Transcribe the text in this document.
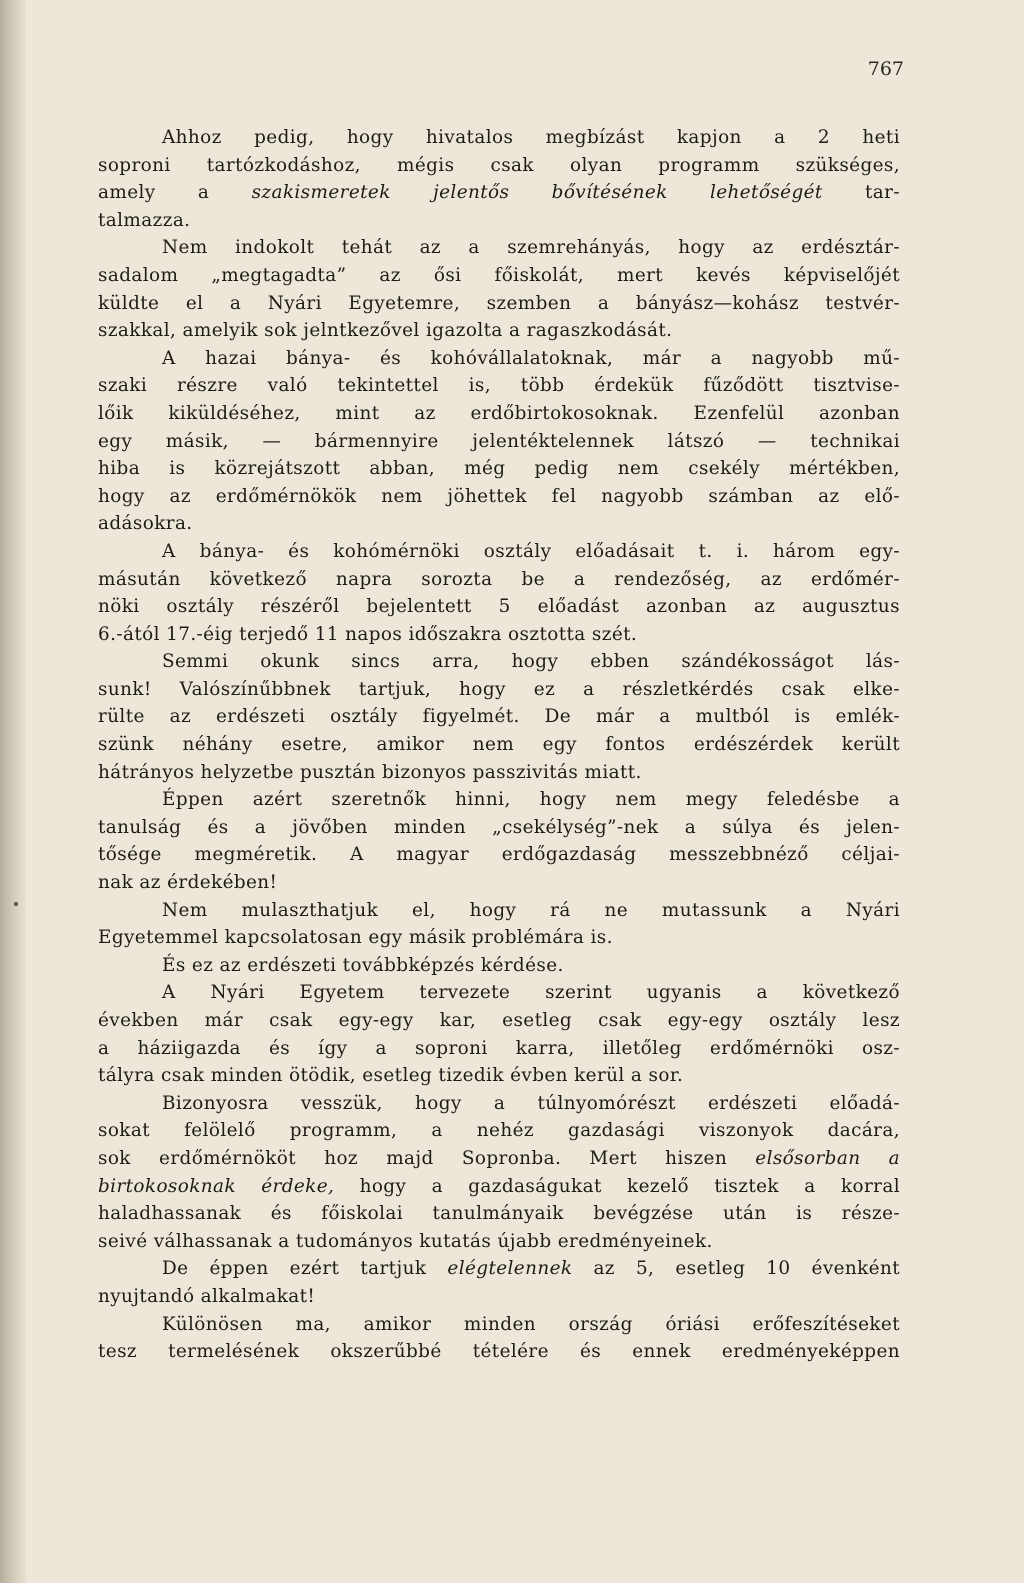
767
Ahhoz pedig, hogy hivatalos megbízást kapjon a 2 heti
soproni tartózkodáshoz, mégis csak olyan programm szükséges,
amely a szakismeretek jelentős bővítésének lehetőségét tar-
talmazza.
Nem indokolt tehát az a szemrehányás, hogy az erdésztár-
sadalom „megtagadta” az ősi főiskolát, mert kevés képviselőjét
küldte el a Nyári Egyetemre, szemben a bányász—kohász testvér-
szakkal, amelyik sok jelntkezővel igazolta a ragaszkodását.
A hazai bánya- és kohóvállalatoknak, már a nagyobb mű-
szaki részre való tekintettel is, több érdekük fűződött tisztvise-
lőik kiküldéséhez, mint az erdőbirtokosoknak. Ezenfelül azonban
egy másik, — bármennyire jelentéktelennek látszó — technikai
hiba is közrejátszott abban, még pedig nem csekély mértékben,
hogy az erdőmérnökök nem jöhettek fel nagyobb számban az elő-
adásokra.
A bánya- és kohómérnöki osztály előadásait t. i. három egy-
másután következő napra sorozta be a rendezőség, az erdőmér-
nöki osztály részéről bejelentett 5 előadást azonban az augusztus
6.-ától 17.-éig terjedő 11 napos időszakra osztotta szét.
Semmi okunk sincs arra, hogy ebben szándékosságot lás-
sunk! Valószínűbbnek tartjuk, hogy ez a részletkérdés csak elke-
rülte az erdészeti osztály figyelmét. De már a multból is emlék-
szünk néhány esetre, amikor nem egy fontos erdészérdek került
hátrányos helyzetbe pusztán bizonyos passzivitás miatt.
Éppen azért szeretnők hinni, hogy nem megy feledésbe a
tanulság és a jövőben minden „csekélység”-nek a súlya és jelen-
tősége megméretik. A magyar erdőgazdaság messzebbnéző céljai-
nak az érdekében!
Nem mulaszthatjuk el, hogy rá ne mutassunk a Nyári
Egyetemmel kapcsolatosan egy másik problémára is.
És ez az erdészeti továbbképzés kérdése.
A Nyári Egyetem tervezete szerint ugyanis a következő
években már csak egy-egy kar, esetleg csak egy-egy osztály lesz
a háziigazda és így a soproni karra, illetőleg erdőmérnöki osz-
tályra csak minden ötödik, esetleg tizedik évben kerül a sor.
Bizonyosra vesszük, hogy a túlnyomórészt erdészeti előadá-
sokat felölelő programm, a nehéz gazdasági viszonyok dacára,
sok erdőmérnököt hoz majd Sopronba. Mert hiszen elsősorban a
birtokosoknak érdeke, hogy a gazdaságukat kezelő tisztek a korral
haladhassanak és főiskolai tanulmányaik bevégzése után is része-
seivé válhassanak a tudományos kutatás újabb eredményeinek.
De éppen ezért tartjuk elégtelennek az 5, esetleg 10 évenként
nyujtandó alkalmakat!
Különösen ma, amikor minden ország óriási erőfeszítéseket
tesz termelésének okszerűbbé tételére és ennek eredményeképpen
